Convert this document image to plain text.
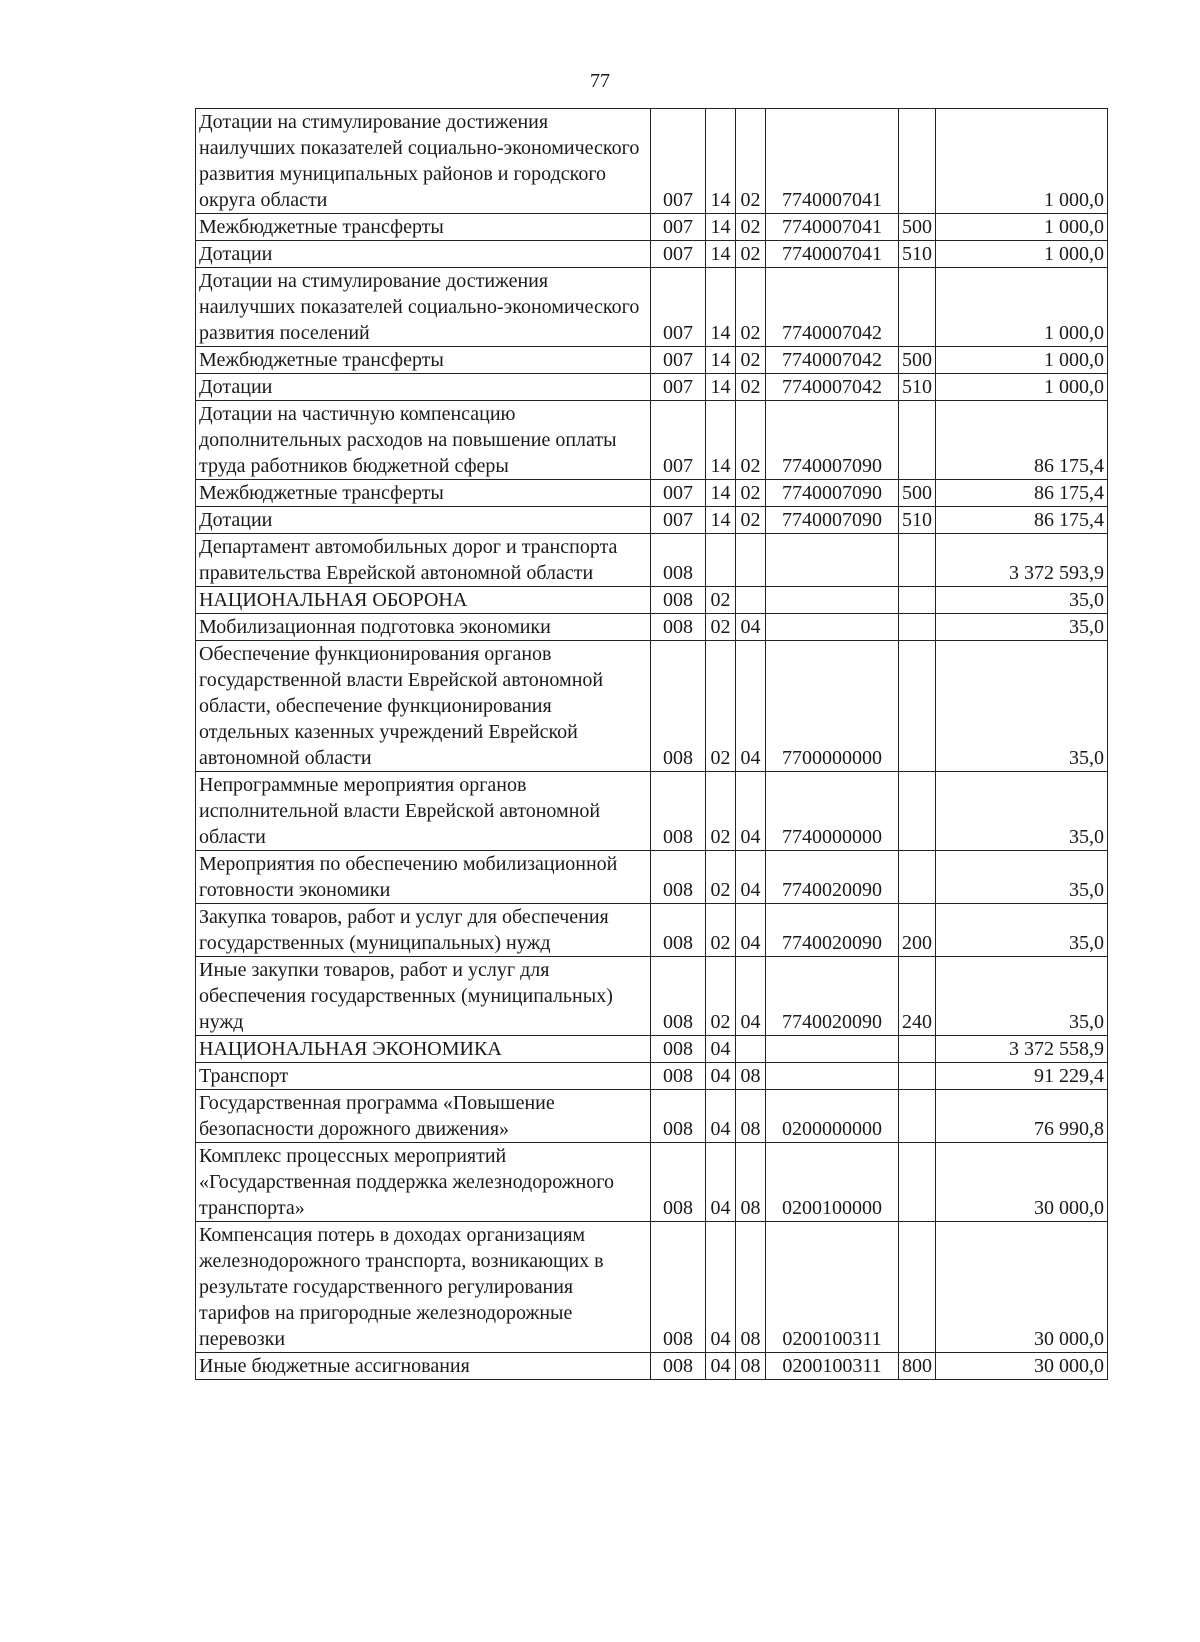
77
Дотации на стимулирование достижения наилучших показателей социально-экономического развития муниципальных районов и городского округа области	007	14	02	7740007041		1 000,0
Межбюджетные трансферты	007	14	02	7740007041	500	1 000,0
Дотации	007	14	02	7740007041	510	1 000,0
Дотации на стимулирование достижения наилучших показателей социально-экономического развития поселений	007	14	02	7740007042		1 000,0
Межбюджетные трансферты	007	14	02	7740007042	500	1 000,0
Дотации	007	14	02	7740007042	510	1 000,0
Дотации на частичную компенсацию дополнительных расходов на повышение оплаты труда работников бюджетной сферы	007	14	02	7740007090		86 175,4
Межбюджетные трансферты	007	14	02	7740007090	500	86 175,4
Дотации	007	14	02	7740007090	510	86 175,4
Департамент автомобильных дорог и транспорта правительства Еврейской автономной области	008					3 372 593,9
НАЦИОНАЛЬНАЯ ОБОРОНА	008	02				35,0
Мобилизационная подготовка экономики	008	02	04			35,0
Обеспечение функционирования органов государственной власти Еврейской автономной области, обеспечение функционирования отдельных казенных учреждений Еврейской автономной области	008	02	04	7700000000		35,0
Непрограммные мероприятия органов исполнительной власти Еврейской автономной области	008	02	04	7740000000		35,0
Мероприятия по обеспечению мобилизационной готовности экономики	008	02	04	7740020090		35,0
Закупка товаров, работ и услуг для обеспечения государственных (муниципальных) нужд	008	02	04	7740020090	200	35,0
Иные закупки товаров, работ и услуг для обеспечения государственных (муниципальных) нужд	008	02	04	7740020090	240	35,0
НАЦИОНАЛЬНАЯ ЭКОНОМИКА	008	04				3 372 558,9
Транспорт	008	04	08			91 229,4
Государственная программа «Повышение безопасности дорожного движения»	008	04	08	0200000000		76 990,8
Комплекс процессных мероприятий «Государственная поддержка железнодорожного транспорта»	008	04	08	0200100000		30 000,0
Компенсация потерь в доходах организациям железнодорожного транспорта, возникающих в результате государственного регулирования тарифов на пригородные железнодорожные перевозки	008	04	08	0200100311		30 000,0
Иные бюджетные ассигнования	008	04	08	0200100311	800	30 000,0
